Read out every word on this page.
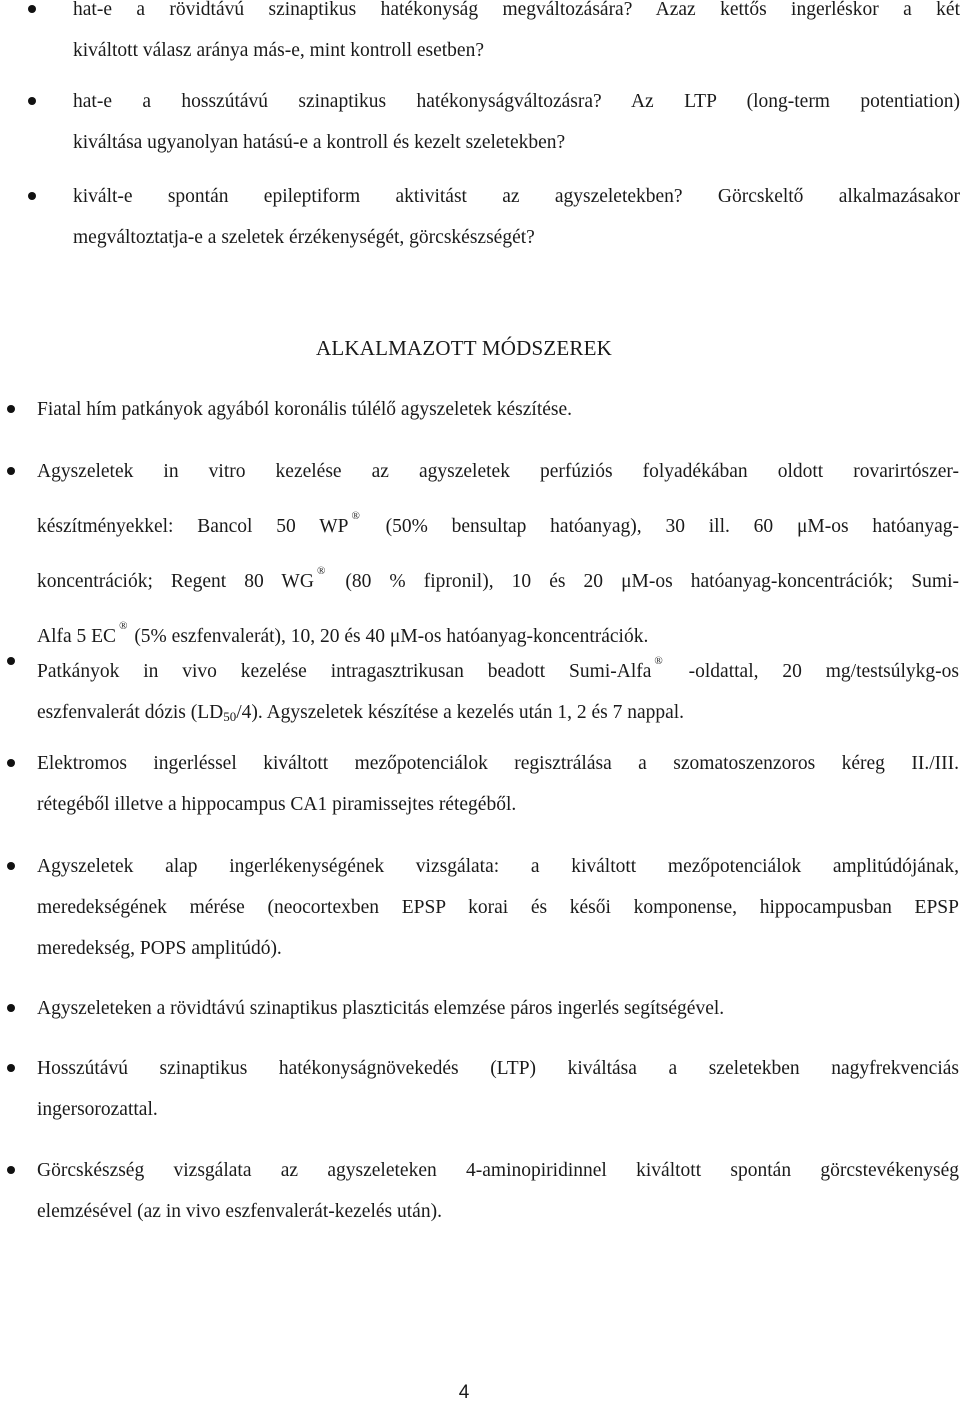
hat-e a rövidtávú szinaptikus hatékonyság megváltozására? Azaz kettős ingerléskor a két
kiváltott válasz aránya más-e, mint kontroll esetben?
hat-e a hosszútávú szinaptikus hatékonyságváltozásra? Az LTP (long-term potentiation)
kiváltása ugyanolyan hatású-e a kontroll és kezelt szeletekben?
kivált-e spontán epileptiform aktivitást az agyszeletekben? Görcskeltő alkalmazásakor
megváltoztatja-e a szeletek érzékenységét, görcskészségét?
ALKALMAZOTT MÓDSZEREK
Fiatal hím patkányok agyából koronális túlélő agyszeletek készítése.
Agyszeletek in vitro kezelése az agyszeletek perfúziós folyadékában oldott rovarirtószer-
készítményekkel: Bancol 50 WP ® (50% bensultap hatóanyag), 30 ill. 60 μM-os hatóanyag-
koncentrációk; Regent 80 WG ® (80 % fipronil), 10 és 20 μM-os hatóanyag-koncentrációk; Sumi-
Alfa 5 EC ® (5% eszfenvalerát), 10, 20 és 40 μM-os hatóanyag-koncentrációk.
Patkányok in vivo kezelése intragasztrikusan beadott Sumi-Alfa ® -oldattal, 20 mg/testsúlykg-os
eszfenvalerát dózis $(LD_{50}/4)$. Agyszeletek készítése a kezelés után 1, 2 és 7 nappal.
Elektromos ingerléssel kiváltott mezőpotenciálok regisztrálása a szomatoszenzoros kéreg II./III.
rétegéből illetve a hippocampus CA1 piramissejtes rétegéből.
Agyszeletek alap ingerlékenységének vizsgálata: a kiváltott mezőpotenciálok amplitúdójának,
meredekségének mérése (neocortexben EPSP korai és késői komponense, hippocampusban EPSP
meredekség, POPS amplitúdó).
Agyszeleteken a rövidtávú szinaptikus plaszticitás elemzése páros ingerlés segítségével.
Hosszútávú szinaptikus hatékonyságnövekedés (LTP) kiváltása a szeletekben nagyfrekvenciás
ingersorozattal.
Görcskészség vizsgálata az agyszeleteken 4-aminopiridinnel kiváltott spontán görcstevékenység
elemzésével (az in vivo eszfenvalerát-kezelés után).
4
